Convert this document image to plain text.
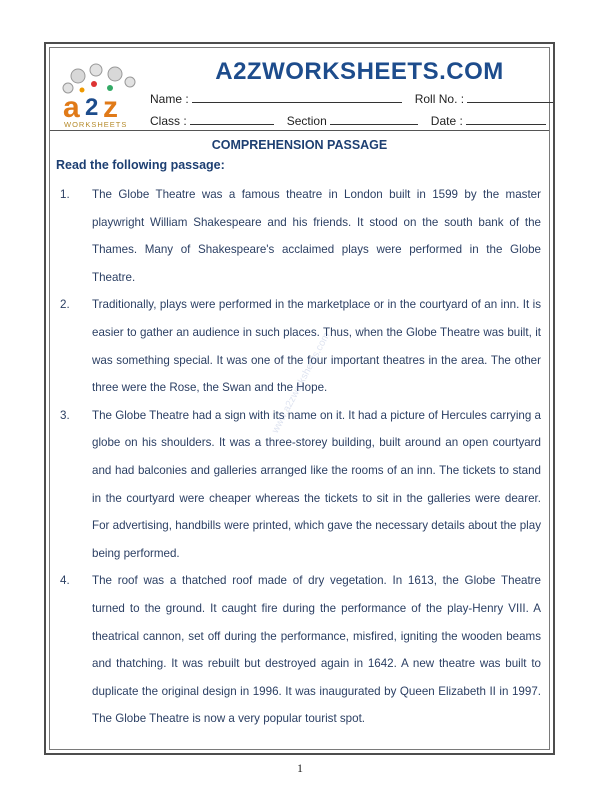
a 2 z
WORKSHEETS
A2ZWORKSHEETS.COM
Name :	Roll No. :
Class :	Section	Date :
COMPREHENSION PASSAGE
Read the following passage:
1. The Globe Theatre was a famous theatre in London built in 1599 by the master playwright William Shakespeare and his friends. It stood on the south bank of the Thames. Many of Shakespeare's acclaimed plays were performed in the Globe Theatre.
2. Traditionally, plays were performed in the marketplace or in the courtyard of an inn. It is easier to gather an audience in such places. Thus, when the Globe Theatre was built, it was something special. It was one of the four important theatres in the area. The other three were the Rose, the Swan and the Hope.
3. The Globe Theatre had a sign with its name on it. It had a picture of Hercules carrying a globe on his shoulders. It was a three-storey building, built around an open courtyard and had balconies and galleries arranged like the rooms of an inn. The tickets to stand in the courtyard were cheaper whereas the tickets to sit in the galleries were dearer. For advertising, handbills were printed, which gave the necessary details about the play being performed.
4. The roof was a thatched roof made of dry vegetation. In 1613, the Globe Theatre turned to the ground. It caught fire during the performance of the play-Henry VIII. A theatrical cannon, set off during the performance, misfired, igniting the wooden beams and thatching. It was rebuilt but destroyed again in 1642. A new theatre was built to duplicate the original design in 1996. It was inaugurated by Queen Elizabeth II in 1997. The Globe Theatre is now a very popular tourist spot.
www.a2zworksheets.com
1
